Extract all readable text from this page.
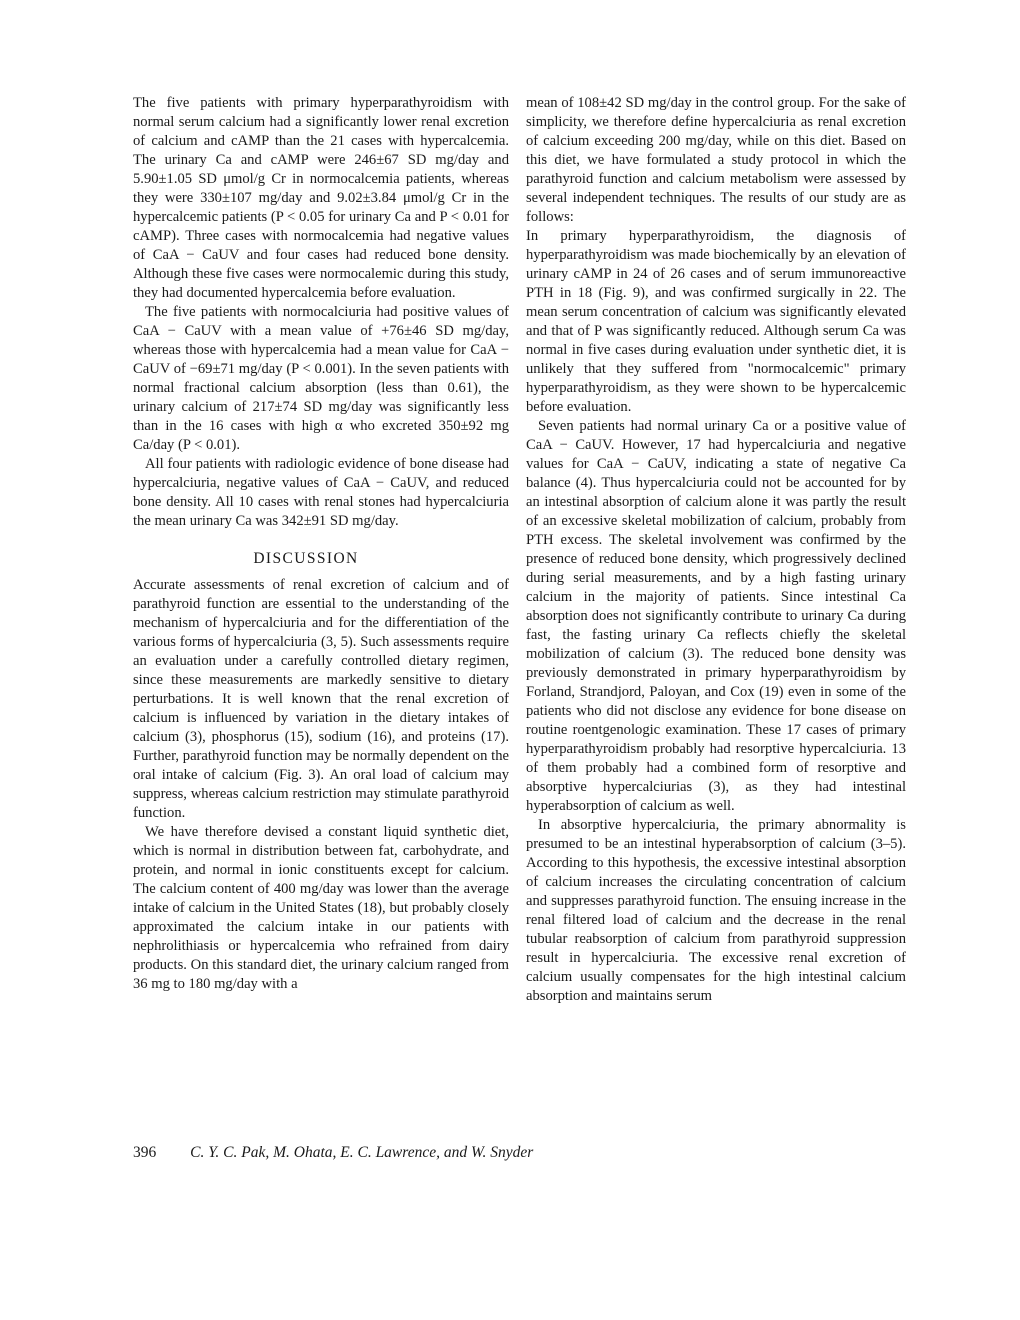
The five patients with primary hyperparathyroidism with normal serum calcium had a significantly lower renal excretion of calcium and cAMP than the 21 cases with hypercalcemia. The urinary Ca and cAMP were 246±67 SD mg/day and 5.90±1.05 SD μmol/g Cr in normocalcemia patients, whereas they were 330±107 mg/day and 9.02±3.84 μmol/g Cr in the hypercalcemic patients (P < 0.05 for urinary Ca and P < 0.01 for cAMP). Three cases with normocalcemia had negative values of CaA − CaUV and four cases had reduced bone density. Although these five cases were normocalemic during this study, they had documented hypercalcemia before evaluation.

The five patients with normocalciuria had positive values of CaA − CaUV with a mean value of +76±46 SD mg/day, whereas those with hypercalcemia had a mean value for CaA − CaUV of −69±71 mg/day (P < 0.001). In the seven patients with normal fractional calcium absorption (less than 0.61), the urinary calcium of 217±74 SD mg/day was significantly less than in the 16 cases with high α who excreted 350±92 mg Ca/day (P < 0.01).

All four patients with radiologic evidence of bone disease had hypercalciuria, negative values of CaA − CaUV, and reduced bone density. All 10 cases with renal stones had hypercalciuria the mean urinary Ca was 342±91 SD mg/day.

DISCUSSION

Accurate assessments of renal excretion of calcium and of parathyroid function are essential to the understanding of the mechanism of hypercalciuria and for the differentiation of the various forms of hypercalciuria (3, 5). Such assessments require an evaluation under a carefully controlled dietary regimen, since these measurements are markedly sensitive to dietary perturbations. It is well known that the renal excretion of calcium is influenced by variation in the dietary intakes of calcium (3), phosphorus (15), sodium (16), and proteins (17). Further, parathyroid function may be normally dependent on the oral intake of calcium (Fig. 3). An oral load of calcium may suppress, whereas calcium restriction may stimulate parathyroid function.

We have therefore devised a constant liquid synthetic diet, which is normal in distribution between fat, carbohydrate, and protein, and normal in ionic constituents except for calcium. The calcium content of 400 mg/day was lower than the average intake of calcium in the United States (18), but probably closely approximated the calcium intake in our patients with nephrolithiasis or hypercalcemia who refrained from dairy products. On this standard diet, the urinary calcium ranged from 36 mg to 180 mg/day with a

mean of 108±42 SD mg/day in the control group. For the sake of simplicity, we therefore define hypercalciuria as renal excretion of calcium exceeding 200 mg/day, while on this diet. Based on this diet, we have formulated a study protocol in which the parathyroid function and calcium metabolism were assessed by several independent techniques. The results of our study are as follows:

In primary hyperparathyroidism, the diagnosis of hyperparathyroidism was made biochemically by an elevation of urinary cAMP in 24 of 26 cases and of serum immunoreactive PTH in 18 (Fig. 9), and was confirmed surgically in 22. The mean serum concentration of calcium was significantly elevated and that of P was significantly reduced. Although serum Ca was normal in five cases during evaluation under synthetic diet, it is unlikely that they suffered from "normocalcemic" primary hyperparathyroidism, as they were shown to be hypercalcemic before evaluation.

Seven patients had normal urinary Ca or a positive value of CaA − CaUV. However, 17 had hypercalciuria and negative values for CaA − CaUV, indicating a state of negative Ca balance (4). Thus hypercalciuria could not be accounted for by an intestinal absorption of calcium alone it was partly the result of an excessive skeletal mobilization of calcium, probably from PTH excess. The skeletal involvement was confirmed by the presence of reduced bone density, which progressively declined during serial measurements, and by a high fasting urinary calcium in the majority of patients. Since intestinal Ca absorption does not significantly contribute to urinary Ca during fast, the fasting urinary Ca reflects chiefly the skeletal mobilization of calcium (3). The reduced bone density was previously demonstrated in primary hyperparathyroidism by Forland, Strandjord, Paloyan, and Cox (19) even in some of the patients who did not disclose any evidence for bone disease on routine roentgenologic examination. These 17 cases of primary hyperparathyroidism probably had resorptive hypercalciuria. 13 of them probably had a combined form of resorptive and absorptive hypercalciurias (3), as they had intestinal hyperabsorption of calcium as well.

In absorptive hypercalciuria, the primary abnormality is presumed to be an intestinal hyperabsorption of calcium (3–5). According to this hypothesis, the excessive intestinal absorption of calcium increases the circulating concentration of calcium and suppresses parathyroid function. The ensuing increase in the renal filtered load of calcium and the decrease in the renal tubular reabsorption of calcium from parathyroid suppression result in hypercalciuria. The excessive renal excretion of calcium usually compensates for the high intestinal calcium absorption and maintains serum

396 C. Y. C. Pak, M. Ohata, E. C. Lawrence, and W. Snyder
